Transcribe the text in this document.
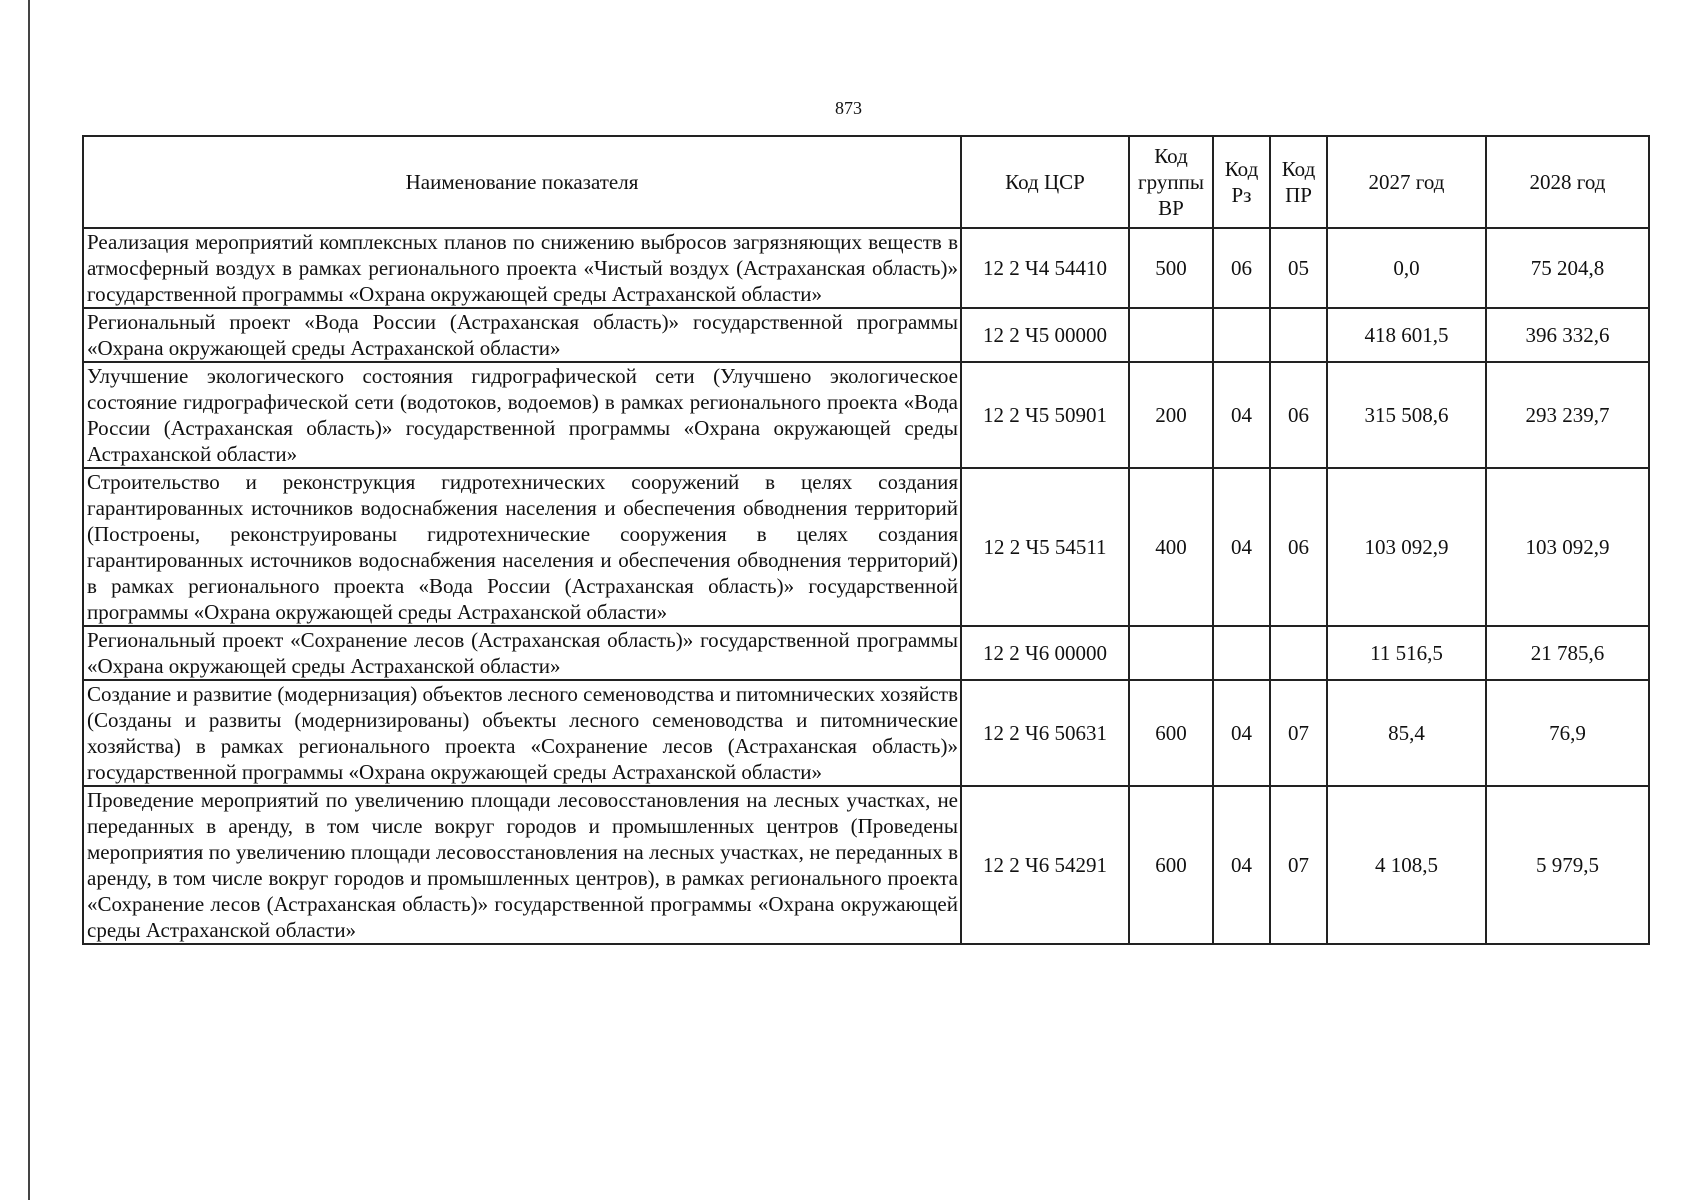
873
Наименование показателя	Код ЦСР	Код группы ВР	Код Рз	Код ПР	2027 год	2028 год
Реализация мероприятий комплексных планов по снижению выбросов загрязняющих веществ в атмосферный воздух в рамках регионального проекта «Чистый воздух (Астраханская область)» государственной программы «Охрана окружающей среды Астраханской области»	12 2 Ч4 54410	500	06	05	0,0	75 204,8
Региональный проект «Вода России (Астраханская область)» государственной программы «Охрана окружающей среды Астраханской области»	12 2 Ч5 00000				418 601,5	396 332,6
Улучшение экологического состояния гидрографической сети (Улучшено экологическое состояние гидрографической сети (водотоков, водоемов) в рамках регионального проекта «Вода России (Астраханская область)» государственной программы «Охрана окружающей среды Астраханской области»	12 2 Ч5 50901	200	04	06	315 508,6	293 239,7
Строительство и реконструкция гидротехнических сооружений в целях создания гарантированных источников водоснабжения населения и обеспечения обводнения территорий (Построены, реконструированы гидротехнические сооружения в целях создания гарантированных источников водоснабжения населения и обеспечения обводнения территорий) в рамках регионального проекта «Вода России (Астраханская область)» государственной программы «Охрана окружающей среды Астраханской области»	12 2 Ч5 54511	400	04	06	103 092,9	103 092,9
Региональный проект «Сохранение лесов (Астраханская область)» государственной программы «Охрана окружающей среды Астраханской области»	12 2 Ч6 00000				11 516,5	21 785,6
Создание и развитие (модернизация) объектов лесного семеноводства и питомнических хозяйств (Созданы и развиты (модернизированы) объекты лесного семеноводства и питомнические хозяйства) в рамках регионального проекта «Сохранение лесов (Астраханская область)» государственной программы «Охрана окружающей среды Астраханской области»	12 2 Ч6 50631	600	04	07	85,4	76,9
Проведение мероприятий по увеличению площади лесовосстановления на лесных участках, не переданных в аренду, в том числе вокруг городов и промышленных центров (Проведены мероприятия по увеличению площади лесовосстановления на лесных участках, не переданных в аренду, в том числе вокруг городов и промышленных центров), в рамках регионального проекта «Сохранение лесов (Астраханская область)» государственной программы «Охрана окружающей среды Астраханской области»	12 2 Ч6 54291	600	04	07	4 108,5	5 979,5
